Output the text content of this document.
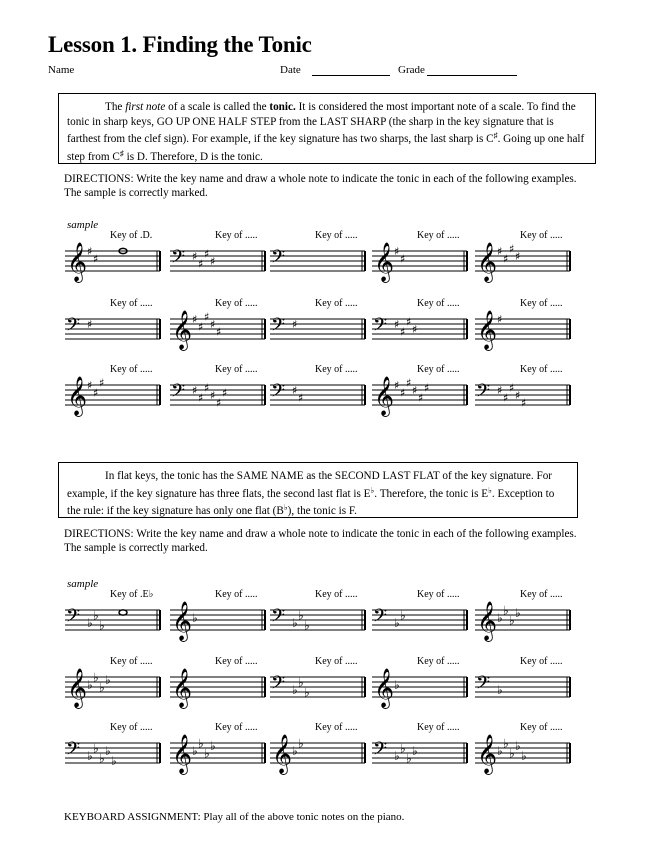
Lesson 1. Finding the Tonic
Name	Date	Grade
The first note of a scale is called the tonic. It is considered the most important note of a scale. To find the tonic in sharp keys, GO UP ONE HALF STEP from the LAST SHARP (the sharp in the key signature that is farthest from the clef sign). For example, if the key signature has two sharps, the last sharp is C♯. Going up one half step from C♯ is D. Therefore, D is the tonic.
DIRECTIONS: Write the key name and draw a whole note to indicate the tonic in each of the following examples. The sample is correctly marked.
sample
Key of .D.
𝄞 ♯
♯
Key of .....
𝄢 ♯
♯
♯
♯
Key of .....
𝄢
Key of .....
𝄞 ♯
♯
Key of .....
𝄞 ♯
♯
♯
♯
Key of .....
𝄢 ♯
Key of .....
𝄞 ♯
♯
♯
♯
♯
Key of .....
𝄢 ♯
Key of .....
𝄢 ♯
♯
♯
♯
Key of .....
𝄞 ♯
Key of .....
𝄞 ♯
♯
♯
Key of .....
𝄢 ♯
♯
♯
♯
♯
♯
Key of .....
𝄢 ♯
♯
Key of .....
𝄞 ♯
♯
♯
♯
♯
♯
Key of .....
𝄢 ♯
♯
♯
♯
♯
In flat keys, the tonic has the SAME NAME as the SECOND LAST FLAT of the key signature. For example, if the key signature has three flats, the second last flat is E♭. Therefore, the tonic is E♭. Exception to the rule: if the key signature has only one flat (B♭), the tonic is F.
DIRECTIONS: Write the key name and draw a whole note to indicate the tonic in each of the following examples. The sample is correctly marked.
sample
Key of .E♭
𝄢 ♭
♭
♭
Key of .....
𝄞 ♭
Key of .....
𝄢 ♭
♭
♭
Key of .....
𝄢 ♭
♭
Key of .....
𝄞 ♭
♭
♭
♭
Key of .....
𝄞 ♭
♭
♭
♭
Key of .....
𝄞
Key of .....
𝄢 ♭
♭
♭
Key of .....
𝄞 ♭
Key of .....
𝄢 ♭
Key of .....
𝄢 ♭
♭
♭
♭
♭
Key of .....
𝄞 ♭
♭
♭
♭
Key of .....
𝄞 ♭
♭
Key of .....
𝄢 ♭
♭
♭
♭
Key of .....
𝄞 ♭
♭
♭
♭
♭
KEYBOARD ASSIGNMENT: Play all of the above tonic notes on the piano.
